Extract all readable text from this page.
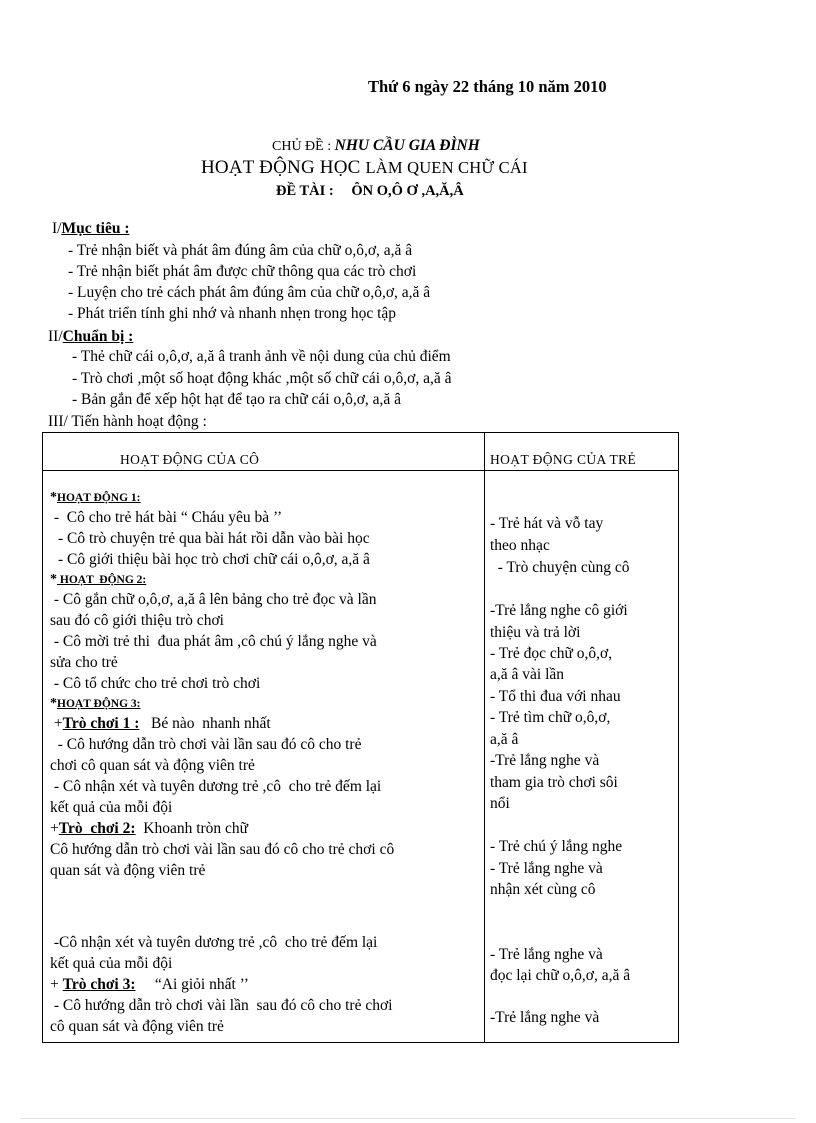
Thứ 6 ngày 22 tháng 10 năm 2010
CHỦ ĐỀ : NHU CẦU GIA ĐÌNH
HOẠT ĐỘNG HỌC LÀM QUEN CHỮ CÁI
ĐỀ TÀI : ÔN O,Ô Ơ ,A,Ă,Â
I/Mục tiêu :
- Trẻ nhận biết và phát âm đúng âm của chữ o,ô,ơ, a,ă â
- Trẻ nhận biết phát âm được chữ thông qua các trò chơi
- Luyện cho trẻ cách phát âm đúng âm của chữ o,ô,ơ, a,ă â
- Phát triển tính ghi nhớ và nhanh nhẹn trong học tập
II/Chuẩn bị :
- Thẻ chữ cái o,ô,ơ, a,ă â tranh ảnh về nội dung của chủ điểm
- Trò chơi ,một số hoạt động khác ,một số chữ cái o,ô,ơ, a,ă â
- Bản gắn để xếp hột hạt để tạo ra chữ cái o,ô,ơ, a,ă â
III/ Tiến hành hoạt động :
HOẠT ĐỘNG CỦA CÔ	HOẠT ĐỘNG CỦA TRẺ
*HOẠT ĐỘNG 1:
-  Cô cho trẻ hát bài “ Cháu yêu bà ’’
- Cô trò chuyện trẻ qua bài hát rồi dẫn vào bài học
- Cô giới thiệu bài học trò chơi chữ cái o,ô,ơ, a,ă â
* HOẠT  ĐỘNG 2:
- Cô gắn chữ o,ô,ơ, a,ă â lên bảng cho trẻ đọc và lần
sau đó cô giới thiệu trò chơi
- Cô mời trẻ thi  đua phát âm ,cô chú ý lắng nghe và
sửa cho trẻ
- Cô tổ chức cho trẻ chơi trò chơi
*HOẠT ĐỘNG 3:
+Trò chơi 1 :   Bé nào  nhanh nhất
- Cô hướng dẫn trò chơi vài lần sau đó cô cho trẻ
chơi cô quan sát và động viên trẻ
- Cô nhận xét và tuyên dương trẻ ,cô  cho trẻ đếm lại
kết quả của mỗi đội
+Trò  chơi 2:  Khoanh tròn chữ
Cô hướng dẫn trò chơi vài lần sau đó cô cho trẻ chơi cô
quan sát và động viên trẻ
-Cô nhận xét và tuyên dương trẻ ,cô  cho trẻ đếm lại
kết quả của mỗi đội
+ Trò chơi 3:     “Ai giỏi nhất ’’
- Cô hướng dẫn trò chơi vài lần  sau đó cô cho trẻ chơi
cô quan sát và động viên trẻ
- Trẻ hát và vỗ tay
theo nhạc
- Trò chuyện cùng cô
-Trẻ lắng nghe cô giới
thiệu và trả lời
- Trẻ đọc chữ o,ô,ơ,
a,ă â vài lần
- Tổ thi đua với nhau
- Trẻ tìm chữ o,ô,ơ,
a,ă â
-Trẻ lắng nghe và
tham gia trò chơi sôi
nổi
- Trẻ chú ý lắng nghe
- Trẻ lắng nghe và
nhận xét cùng cô
- Trẻ lắng nghe và
đọc lại chữ o,ô,ơ, a,ă â
-Trẻ lắng nghe và
